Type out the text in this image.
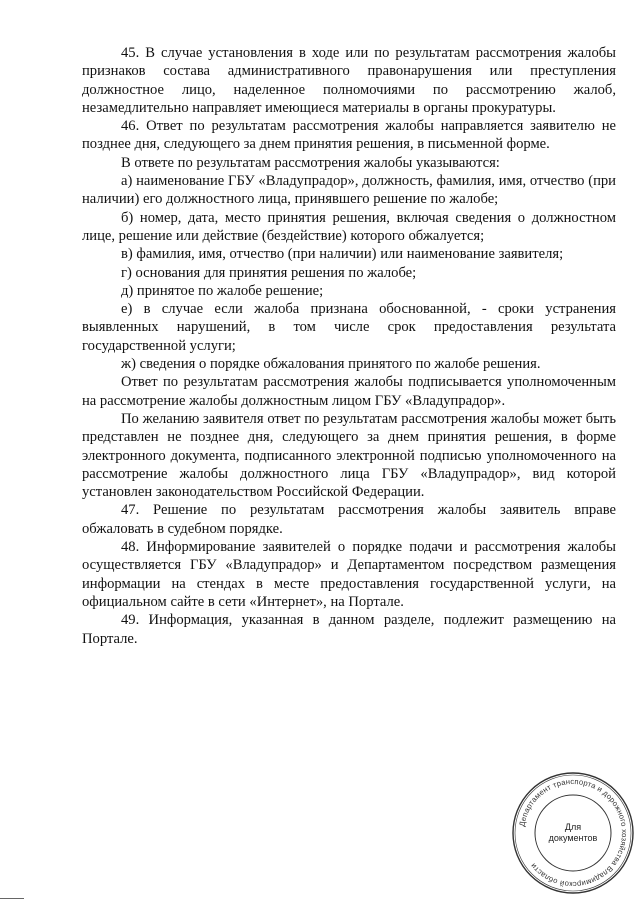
45. В случае установления в ходе или по результатам рассмотрения жалобы признаков состава административного правонарушения или преступления должностное лицо, наделенное полномочиями по рассмотрению жалоб, незамедлительно направляет имеющиеся материалы в органы прокуратуры.

46. Ответ по результатам рассмотрения жалобы направляется заявителю не позднее дня, следующего за днем принятия решения, в письменной форме.

В ответе по результатам рассмотрения жалобы указываются:

а) наименование ГБУ «Владупрадор», должность, фамилия, имя, отчество (при наличии) его должностного лица, принявшего решение по жалобе;

б) номер, дата, место принятия решения, включая сведения о должностном лице, решение или действие (бездействие) которого обжалуется;

в) фамилия, имя, отчество (при наличии) или наименование заявителя;

г) основания для принятия решения по жалобе;

д) принятое по жалобе решение;

е) в случае если жалоба признана обоснованной, - сроки устранения выявленных нарушений, в том числе срок предоставления результата государственной услуги;

ж) сведения о порядке обжалования принятого по жалобе решения.

Ответ по результатам рассмотрения жалобы подписывается уполномоченным на рассмотрение жалобы должностным лицом ГБУ «Владупрадор».

По желанию заявителя ответ по результатам рассмотрения жалобы может быть представлен не позднее дня, следующего за днем принятия решения, в форме электронного документа, подписанного электронной подписью уполномоченного на рассмотрение жалобы должностного лица ГБУ «Владупрадор», вид которой установлен законодательством Российской Федерации.

47. Решение по результатам рассмотрения жалобы заявитель вправе обжаловать в судебном порядке.

48. Информирование заявителей о порядке подачи и рассмотрения жалобы осуществляется ГБУ «Владупрадор» и Департаментом посредством размещения информации на стендах в месте предоставления государственной услуги, на официальном сайте в сети «Интернет», на Портале.

49. Информация, указанная в данном разделе, подлежит размещению на Портале.

Департамент транспорта и дорожного хозяйства Владимирской области
Для
документов
